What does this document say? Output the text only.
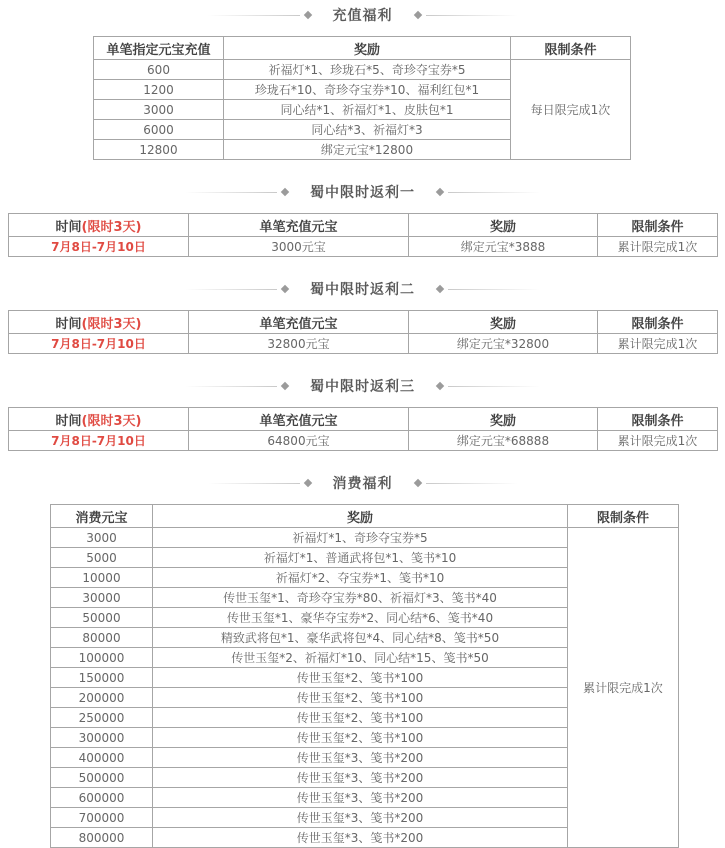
充值福利
单笔指定元宝充值	奖励	限制条件
600	祈福灯*1、珍珑石*5、奇珍夺宝券*5	每日限完成1次
1200	珍珑石*10、奇珍夺宝券*10、福利红包*1	
3000	同心结*1、祈福灯*1、皮肤包*1	
6000	同心结*3、祈福灯*3	
12800	绑定元宝*12800	
蜀中限时返利一
时间(限时3天)	单笔充值元宝	奖励	限制条件
7月8日-7月10日	3000元宝	绑定元宝*3888	累计限完成1次
蜀中限时返利二
时间(限时3天)	单笔充值元宝	奖励	限制条件
7月8日-7月10日	32800元宝	绑定元宝*32800	累计限完成1次
蜀中限时返利三
时间(限时3天)	单笔充值元宝	奖励	限制条件
7月8日-7月10日	64800元宝	绑定元宝*68888	累计限完成1次
消费福利
消费元宝	奖励	限制条件
3000	祈福灯*1、奇珍夺宝券*5	累计限完成1次
5000	祈福灯*1、普通武将包*1、笺书*10	
10000	祈福灯*2、夺宝券*1、笺书*10	
30000	传世玉玺*1、奇珍夺宝券*80、祈福灯*3、笺书*40	
50000	传世玉玺*1、豪华夺宝券*2、同心结*6、笺书*40	
80000	精致武将包*1、豪华武将包*4、同心结*8、笺书*50	
100000	传世玉玺*2、祈福灯*10、同心结*15、笺书*50	
150000	传世玉玺*2、笺书*100	
200000	传世玉玺*2、笺书*100	
250000	传世玉玺*2、笺书*100	
300000	传世玉玺*2、笺书*100	
400000	传世玉玺*3、笺书*200	
500000	传世玉玺*3、笺书*200	
600000	传世玉玺*3、笺书*200	
700000	传世玉玺*3、笺书*200	
800000	传世玉玺*3、笺书*200	
